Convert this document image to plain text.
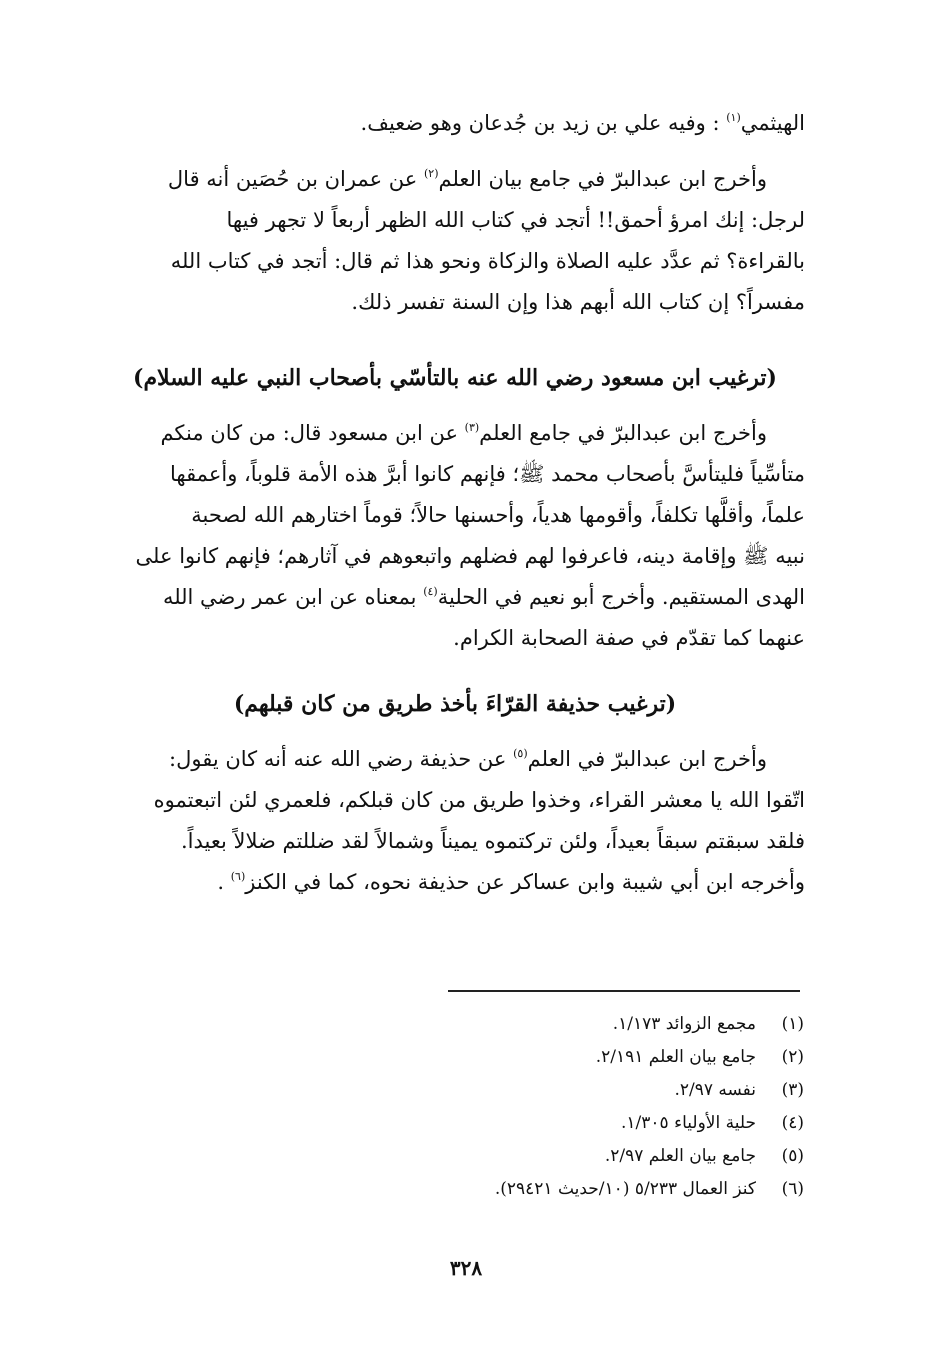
الهيثمي$^{(١)}$ : وفيه علي بن زيد بن جُدعان وهو ضعيف.
وأخرج ابن عبدالبرّ في جامع بيان العلم$^{(٢)}$ عن عمران بن حُصَين أنه قال
لرجل: إنك امرؤ أحمق!! أتجد في كتاب الله الظهر أربعاً لا تجهر فيها
بالقراءة؟ ثم عدَّد عليه الصلاة والزكاة ونحو هذا ثم قال: أتجد في كتاب الله
مفسراً؟ إن كتاب الله أبهم هذا وإن السنة تفسر ذلك.
(ترغيب ابن مسعود رضي الله عنه بالتأسّي بأصحاب النبي عليه السلام)
وأخرج ابن عبدالبرّ في جامع العلم$^{(٣)}$ عن ابن مسعود قال: من كان منكم
متأسِّياً فليتأسَّ بأصحاب محمد ﷺ؛ فإنهم كانوا أبرَّ هذه الأمة قلوباً، وأعمقها
علماً، وأقلَّها تكلفاً، وأقومها هدياً، وأحسنها حالاً؛ قوماً اختارهم الله لصحبة
نبيه ﷺ وإقامة دينه، فاعرفوا لهم فضلهم واتبعوهم في آثارهم؛ فإنهم كانوا على
الهدى المستقيم. وأخرج أبو نعيم في الحلية$^{(٤)}$ بمعناه عن ابن عمر رضي الله
عنهما كما تقدّم في صفة الصحابة الكرام.
(ترغيب حذيفة القرّاءَ بأخذ طريق من كان قبلهم)
وأخرج ابن عبدالبرّ في العلم$^{(٥)}$ عن حذيفة رضي الله عنه أنه كان يقول:
اتّقوا الله يا معشر القراء، وخذوا طريق من كان قبلكم، فلعمري لئن اتبعتموه
فلقد سبقتم سبقاً بعيداً، ولئن تركتموه يميناً وشمالاً لقد ضللتم ضلالاً بعيداً.
وأخرجه ابن أبي شيبة وابن عساكر عن حذيفة نحوه، كما في الكنز$^{(٦)}$ .
(١)
مجمع الزوائد ١/١٧٣.
(٢)
جامع بيان العلم ٢/١٩١.
(٣)
نفسه ٢/٩٧.
(٤)
حلية الأولياء ١/٣٠٥.
(٥)
جامع بيان العلم ٢/٩٧.
(٦)
كنز العمال ٥/٢٣٣ (١٠/حديث ٢٩٤٢١).
٣٢٨
